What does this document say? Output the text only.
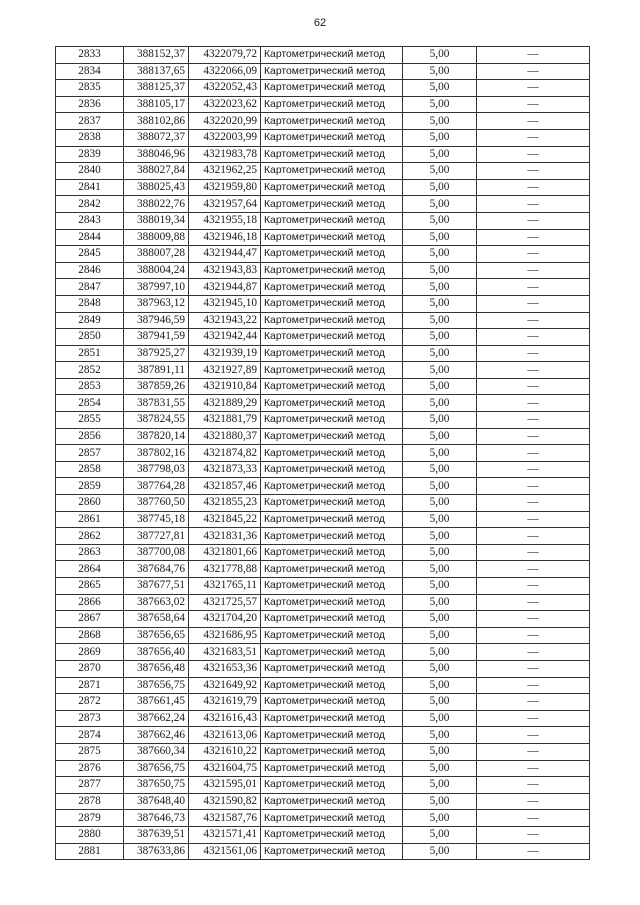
62
2833	388152,37	4322079,72	Картометрический метод	5,00	—
2834	388137,65	4322066,09	Картометрический метод	5,00	—
2835	388125,37	4322052,43	Картометрический метод	5,00	—
2836	388105,17	4322023,62	Картометрический метод	5,00	—
2837	388102,86	4322020,99	Картометрический метод	5,00	—
2838	388072,37	4322003,99	Картометрический метод	5,00	—
2839	388046,96	4321983,78	Картометрический метод	5,00	—
2840	388027,84	4321962,25	Картометрический метод	5,00	—
2841	388025,43	4321959,80	Картометрический метод	5,00	—
2842	388022,76	4321957,64	Картометрический метод	5,00	—
2843	388019,34	4321955,18	Картометрический метод	5,00	—
2844	388009,88	4321946,18	Картометрический метод	5,00	—
2845	388007,28	4321944,47	Картометрический метод	5,00	—
2846	388004,24	4321943,83	Картометрический метод	5,00	—
2847	387997,10	4321944,87	Картометрический метод	5,00	—
2848	387963,12	4321945,10	Картометрический метод	5,00	—
2849	387946,59	4321943,22	Картометрический метод	5,00	—
2850	387941,59	4321942,44	Картометрический метод	5,00	—
2851	387925,27	4321939,19	Картометрический метод	5,00	—
2852	387891,11	4321927,89	Картометрический метод	5,00	—
2853	387859,26	4321910,84	Картометрический метод	5,00	—
2854	387831,55	4321889,29	Картометрический метод	5,00	—
2855	387824,55	4321881,79	Картометрический метод	5,00	—
2856	387820,14	4321880,37	Картометрический метод	5,00	—
2857	387802,16	4321874,82	Картометрический метод	5,00	—
2858	387798,03	4321873,33	Картометрический метод	5,00	—
2859	387764,28	4321857,46	Картометрический метод	5,00	—
2860	387760,50	4321855,23	Картометрический метод	5,00	—
2861	387745,18	4321845,22	Картометрический метод	5,00	—
2862	387727,81	4321831,36	Картометрический метод	5,00	—
2863	387700,08	4321801,66	Картометрический метод	5,00	—
2864	387684,76	4321778,88	Картометрический метод	5,00	—
2865	387677,51	4321765,11	Картометрический метод	5,00	—
2866	387663,02	4321725,57	Картометрический метод	5,00	—
2867	387658,64	4321704,20	Картометрический метод	5,00	—
2868	387656,65	4321686,95	Картометрический метод	5,00	—
2869	387656,40	4321683,51	Картометрический метод	5,00	—
2870	387656,48	4321653,36	Картометрический метод	5,00	—
2871	387656,75	4321649,92	Картометрический метод	5,00	—
2872	387661,45	4321619,79	Картометрический метод	5,00	—
2873	387662,24	4321616,43	Картометрический метод	5,00	—
2874	387662,46	4321613,06	Картометрический метод	5,00	—
2875	387660,34	4321610,22	Картометрический метод	5,00	—
2876	387656,75	4321604,75	Картометрический метод	5,00	—
2877	387650,75	4321595,01	Картометрический метод	5,00	—
2878	387648,40	4321590,82	Картометрический метод	5,00	—
2879	387646,73	4321587,76	Картометрический метод	5,00	—
2880	387639,51	4321571,41	Картометрический метод	5,00	—
2881	387633,86	4321561,06	Картометрический метод	5,00	—
